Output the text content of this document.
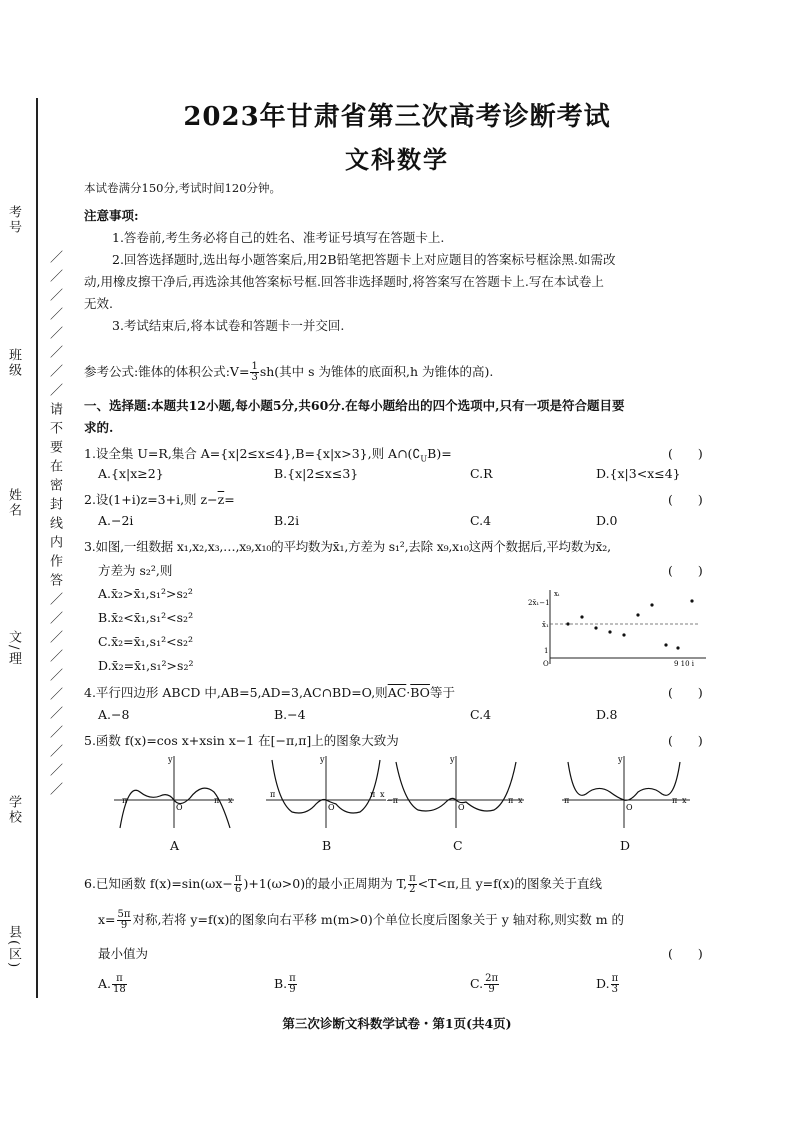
考号
班级
姓名
文/理
学校
县(区)
／／／／／／／／请不要在密封线内作答／／／／／／／／／／／
2023年甘肃省第三次高考诊断考试
文科数学
本试卷满分150分,考试时间120分钟。
注意事项:
1.答卷前,考生务必将自己的姓名、准考证号填写在答题卡上.
2.回答选择题时,选出每小题答案后,用2B铅笔把答题卡上对应题目的答案标号框涂黑.如需改
动,用橡皮擦干净后,再选涂其他答案标号框.回答非选择题时,将答案写在答题卡上.写在本试卷上
无效.
3.考试结束后,将本试卷和答题卡一并交回.
参考公式:锥体的体积公式:V= $\frac{1}{3} sh$(其中 s 为锥体的底面积,h 为锥体的高).
一、选择题:本题共12小题,每小题5分,共60分.在每小题给出的四个选项中,只有一项是符合题目要
求的.
1.设全集 U=R,集合 A={x|2≤x≤4},B={x|x>3},则 $A\cap(∁_UB)=$	(　　)
A.{x|x≥2}	B.{x|2≤x≤3}	C.R	D.{x|3<x≤4}
2.设(1+i)z=3+i,则 $z-\overline{z}=$	(　　)
A.−2i	B.2i	C.4	D.0
3.如图,一组数据 x₁,x₂,x₃,…,x₉,x₁₀的平均数为x̄₁,方差为 s₁²,去除 x₉,x₁₀这两个数据后,平均数为x̄₂,
方差为 s₂²,则	(　　)
A.x̄₂>x̄₁,s₁²>s₂²
B.x̄₂<x̄₁,s₁²<s₂²
C.x̄₂=x̄₁,s₁²<s₂²
D.x̄₂=x̄₁,s₁²>s₂²
2x̄₁−1
x̄₁
1
O	9 10 i
xᵢ
4.平行四边形 ABCD 中,AB=5,AD=3,AC∩BD=O,则$\overline{AC}\cdot\overline{BO}$等于	(　　)
A.−8	B.−4	C.4	D.8
5.函数 f(x)=cos x+xsin x−1 在[−π,π]上的图象大致为	(　　)
π	π x
y
O
π	π x
y
O
−π	π x
y
O
π	π x
y
O
A	B	C	D
6.已知函数 $f(x)=\sin(\omega x- \frac{\pi}{6} )+1(\omega>0)$的最小正周期为 T, $\frac{\pi}{2} <T<\pi$,且 y=f(x)的图象关于直线
$x= \frac{5\pi}{9}$ 对称,若将 y=f(x)的图象向右平移 m(m>0)个单位长度后图象关于 y 轴对称,则实数 m 的
最小值为	(　　)
A. $\frac{\pi}{18}$	B. $\frac{\pi}{9}$	C. $\frac{2\pi}{9}$	D. $\frac{\pi}{3}$
第三次诊断文科数学试卷・第1页(共4页)
